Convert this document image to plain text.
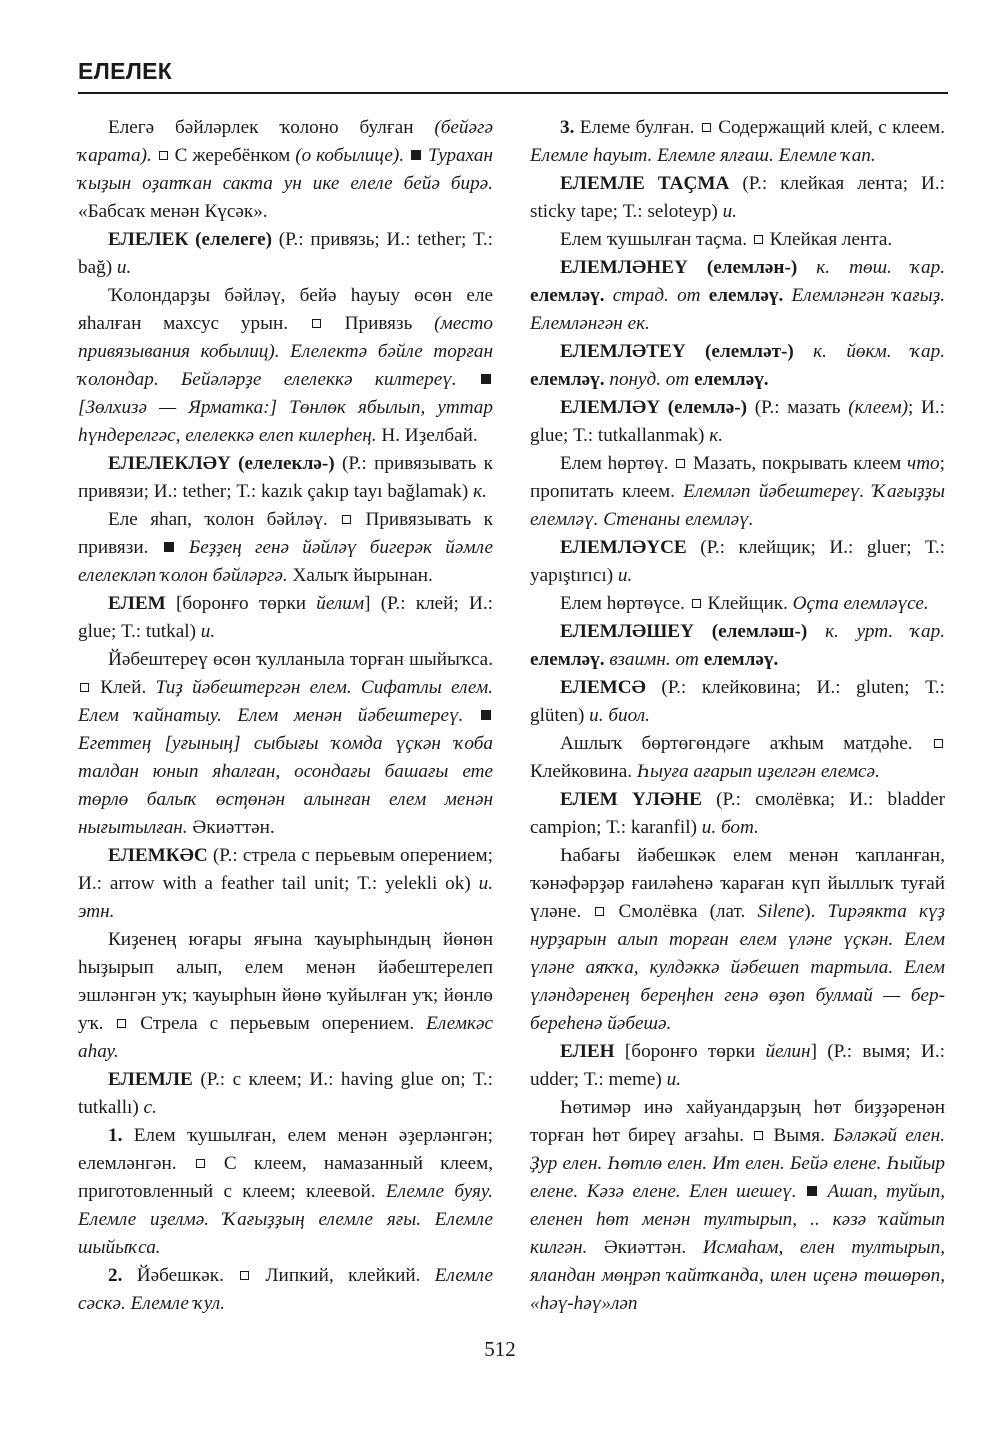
ЕЛЕЛЕК

Елегә бәйләрлек ҡолоно булған (бейәгә ҡарата).  С жеребёнком (о кобылице). Турахан ҡыҙын оҙатҡан сакта ун ике елеле бейә бирә. «Бабсаҡ менән Күсәк».

ЕЛЕЛЕК (елелеге) (Р.: привязь; И.: tether; Т.: bağ) и.

Ҡолондарҙы бәйләү, бейә һауыу өсөн еле яһалған махсус урын.  Привязь (место привязывания кобылиц). Елелектә бәйле торған ҡолондар. Бейәләрҙе елелеккә килтереү.  [Зөлхизә — Ярматка:] Төнлөк ябылып, уттар һүндерелгәс, елелеккә елеп килерһең. Н. Иҙелбай.

ЕЛЕЛЕКЛӘҮ (елелеклә-) (Р.: привязывать к привязи; И.: tether; Т.: kazık çakıp tayı bağlamak) к.

Еле яһап, ҡолон бәйләү.  Привязывать к привязи.  Беҙҙең генә йәйләү бигерәк йәмле елелекләп ҡолон бәйләргә. Халыҡ йырынан.

ЕЛЕМ [боронғо төрки йелим] (Р.: клей; И.: glue; Т.: tutkal) и.

Йәбештереү өсөн ҡулланыла торған шыйыҡса.  Клей. Тиҙ йәбештергән елем. Сифатлы елем. Елем ҡайнатыу. Елем менән йәбештереү.  Егеттең [уғыныӊ] сыбығы ҡомда үҫкән ҡоба талдан юнып яһалған, осондағы башағы ете төрлө балыҡ өсҭөнән алынған елем менән нығытылған. Әкиәттән.

ЕЛЕМКӘС (Р.: стрела с перьевым оперением; И.: arrow with a feather tail unit; Т.: yelekli ok) и. этн.

Киҙенең юғары яғына ҡауырһындың йөнөн һыҙырып алып, елем менән йәбештерелеп эшләнгән уҡ; ҡауырһын йөнө ҡуйылған уҡ; йөнлө уҡ.  Стрела с перьевым оперением. Елемкәс аһау.

ЕЛЕМЛЕ (Р.: с клеем; И.: having glue on; Т.: tutkallı) с.

1. Елем ҡушылған, елем менән әҙерләнгән; елемләнгән.  С клеем, намазанный клеем, приготовленный с клеем; клеевой. Елемле буяу. Елемле иҙелмә. Ҡағыҙҙың елемле яғы. Елемле шыйыҡса.

2. Йәбешкәк.  Липкий, клейкий. Елемле сәскә. Елемле ҡул.

3. Елеме булған.  Содержащий клей, с клеем. Елемле һауыт. Елемле ялғаш. Елемле ҡап.

ЕЛЕМЛЕ ТАҪМА (Р.: клейкая лента; И.: sticky tape; Т.: seloteyp) и.

Елем ҡушылған таҫма.  Клейкая лента.

ЕЛЕМЛӘНЕҮ (елемлән-) к. төш. ҡар. елемләү. страд. от елемләү. Елемләнгән ҡағыҙ. Елемләнгән ек.

ЕЛЕМЛӘТЕҮ (елемләт-) к. йөкм. ҡар. елемләү. понуд. от елемләү.

ЕЛЕМЛӘҮ (елемлә-) (Р.: мазать (клеем); И.: glue; Т.: tutkallanmak) к.

Елем һөртөү.  Мазать, покрывать клеем что; пропитать клеем. Елемләп йәбештереү. Ҡағыҙҙы елемләү. Стенаны елемләү.

ЕЛЕМЛӘҮСЕ (Р.: клейщик; И.: gluer; Т.: yapıştırıcı) и.

Елем һөртөүсе.  Клейщик. Оҫта елемләүсе.

ЕЛЕМЛӘШЕҮ (елемләш-) к. урт. ҡар. елемләү. взаимн. от елемләү.

ЕЛЕМСӘ (Р.: клейковина; И.: gluten; Т.: glüten) и. биол.

Ашлыҡ бөртөгөндәге аҡһым матдәһе.  Клейковина. Һыуға ағарып иҙелгән елемсә.

ЕЛЕМ ҮЛӘНЕ (Р.: смолёвка; И.: bladder campion; Т.: karanfil) и. бот.

Һабағы йәбешкәк елем менән ҡапланған, ҡәнәфәрҙәр ғаиләһенә ҡараған күп йыллыҡ туғай үләне.  Смолёвка (лат. Silene). Тирәякта күҙ нурҙарын алып торған елем үләне үҫкән. Елем үләне аяҡҡа, кулдәккә йәбешеп тартыла. Елем үләндәренең береңһен генә өҙөп булмай — бер-береһенә йәбешә.

ЕЛЕН [боронғо төрки йелин] (Р.: вымя; И.: udder; Т.: meme) и.

Һөтимәр инә хайуандарҙың һөт биҙҙәренән торған һөт биреү ағзаһы.  Вымя. Бәләкәй елен. Ҙур елен. Һөтлө елен. Ит елен. Бейә елене. Һыйыр елене. Кәзә елене. Елен шешеү. Ашап, туйып, еленен һөт менән тултырып, .. кәзә ҡайтып килгән. Әкиәттән. Исмаһам, елен тултырып, яландан мөңрәп ҡайтҡанда, илен иҫенә төшөрөп, «һәү-һәү»ләп

512
